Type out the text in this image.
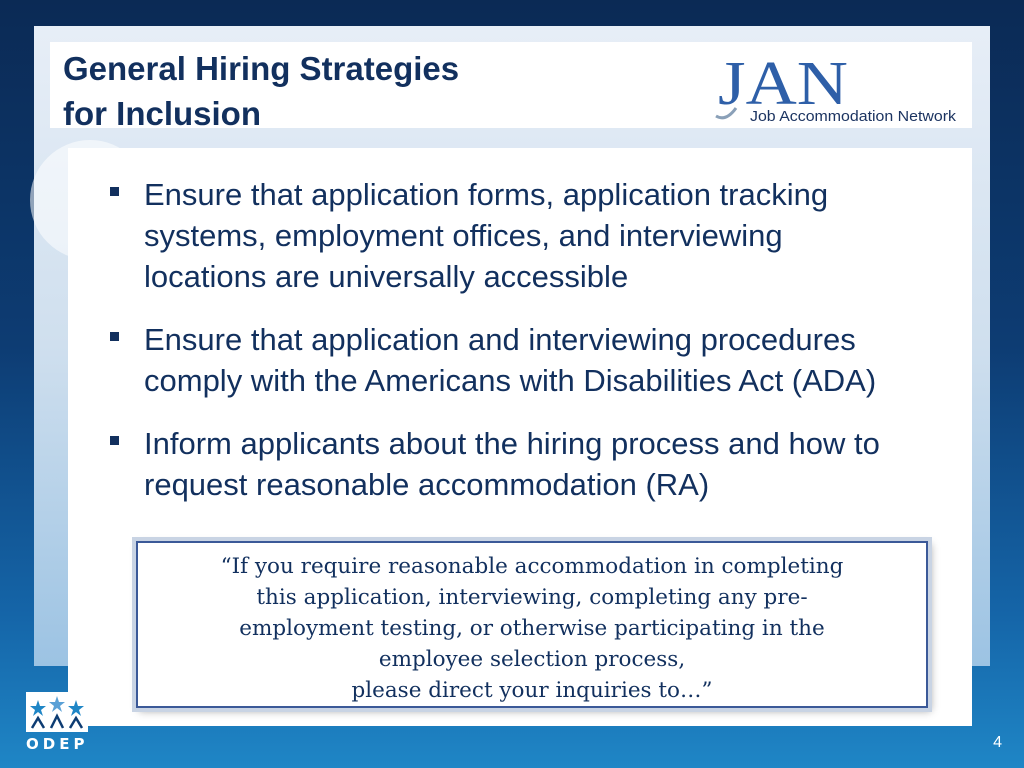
General Hiring Strategies
for Inclusion	JAN
Job Accommodation Network
Ensure that application forms, application tracking
systems, employment offices, and interviewing
locations are universally accessible
Ensure that application and interviewing procedures
comply with the Americans with Disabilities Act (ADA)
Inform applicants about the hiring process and how to
request reasonable accommodation (RA)
“If you require reasonable accommodation in completing
this application, interviewing, completing any pre-
employment testing, or otherwise participating in the
employee selection process,
please direct your inquiries to…”
ODEP	4
